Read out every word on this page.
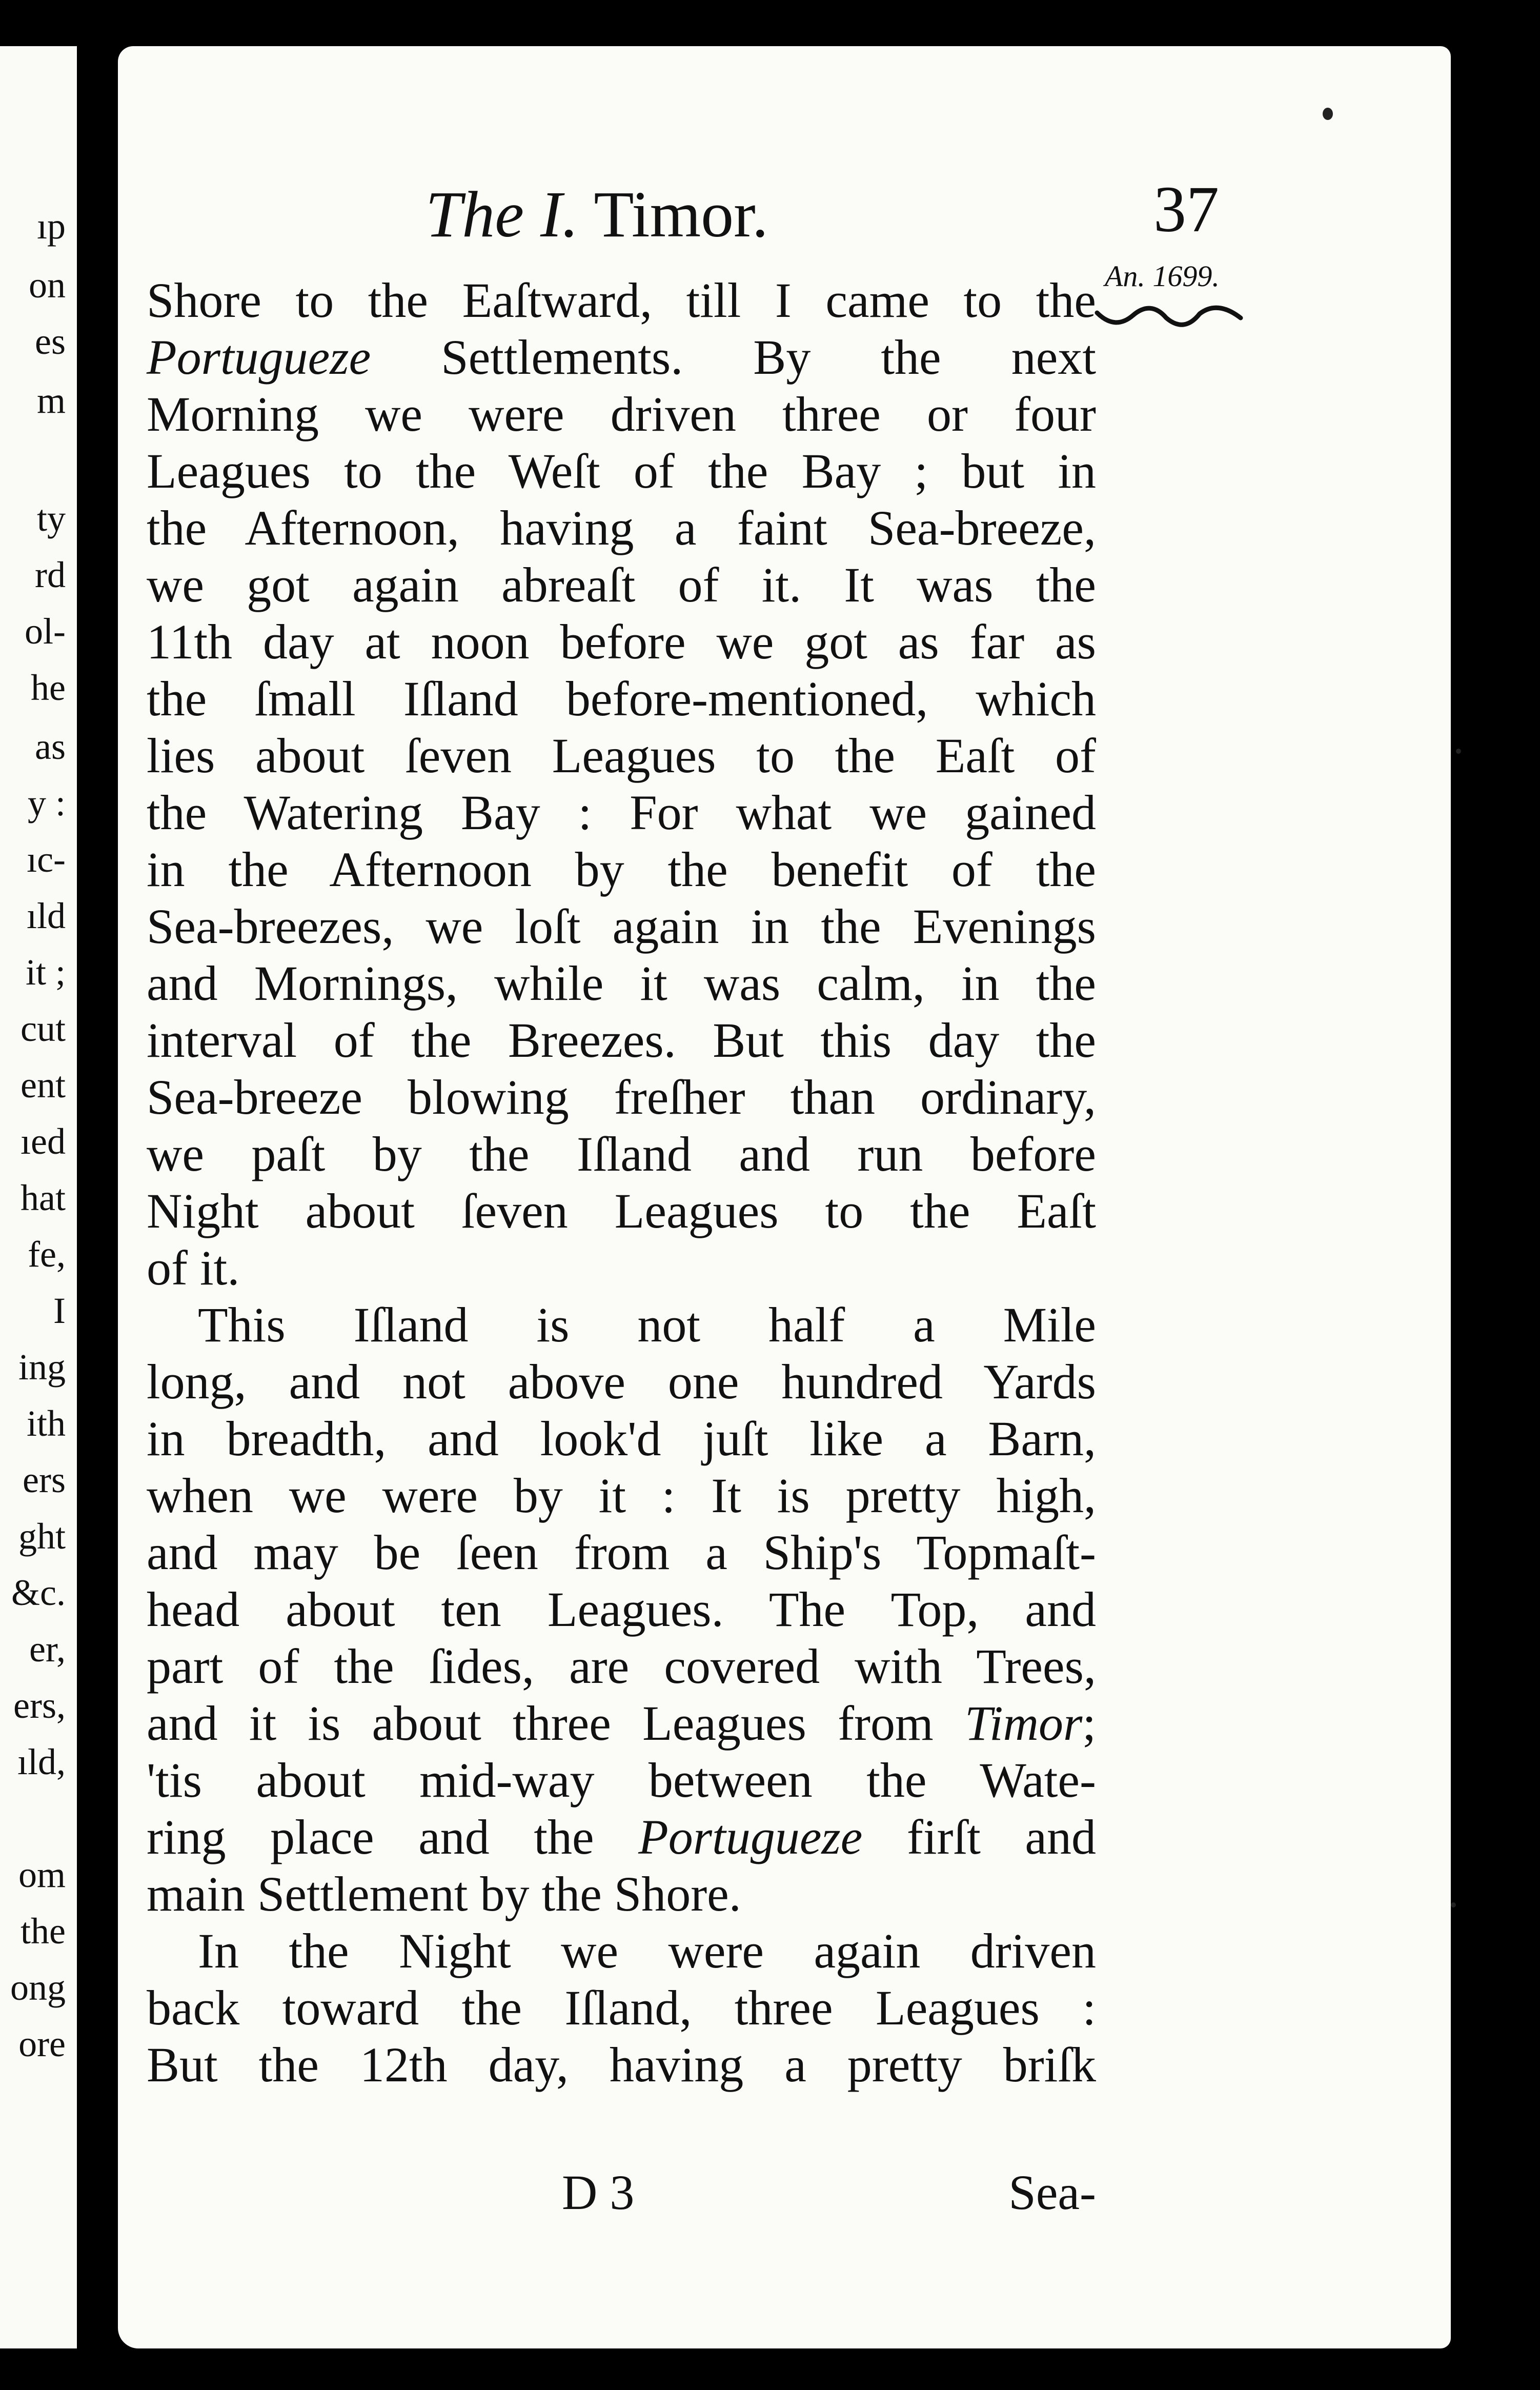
ıp
on
es
m
ty
rd
ol-
he
as
y :
ıc-
ıld
it ;
cut
ent
ıed
hat
fe,
I
ing
ith
ers
ght
&c.
er,
ers,
ıld,
om
the
ong
ore
The I. Timor.	37
An. 1699.
Shore to the Eaſtward, till I came to the
Portugueze Settlements. By the next
Morning we were driven three or four
Leagues to the Weſt of the Bay ; but in
the Afternoon, having a faint Sea-breeze,
we got again abreaſt of it. It was the
11th day at noon before we got as far as
the ſmall Iſland before-mentioned, which
lies about ſeven Leagues to the Eaſt of
the Watering Bay : For what we gained
in the Afternoon by the benefit of the
Sea-breezes, we loſt again in the Evenings
and Mornings, while it was calm, in the
interval of the Breezes. But this day the
Sea-breeze blowing freſher than ordinary,
we paſt by the Iſland and run before
Night about ſeven Leagues to the Eaſt
of it.
This Iſland is not half a Mile
long, and not above one hundred Yards
in breadth, and look'd juſt like a Barn,
when we were by it : It is pretty high,
and may be ſeen from a Ship's Topmaſt-
head about ten Leagues. The Top, and
part of the ſides, are covered with Trees,
and it is about three Leagues from Timor;
'tis about mid-way between the Wate-
ring place and the Portugueze firſt and
main Settlement by the Shore.
In the Night we were again driven
back toward the Iſland, three Leagues :
But the 12th day, having a pretty briſk
D 3	Sea-
